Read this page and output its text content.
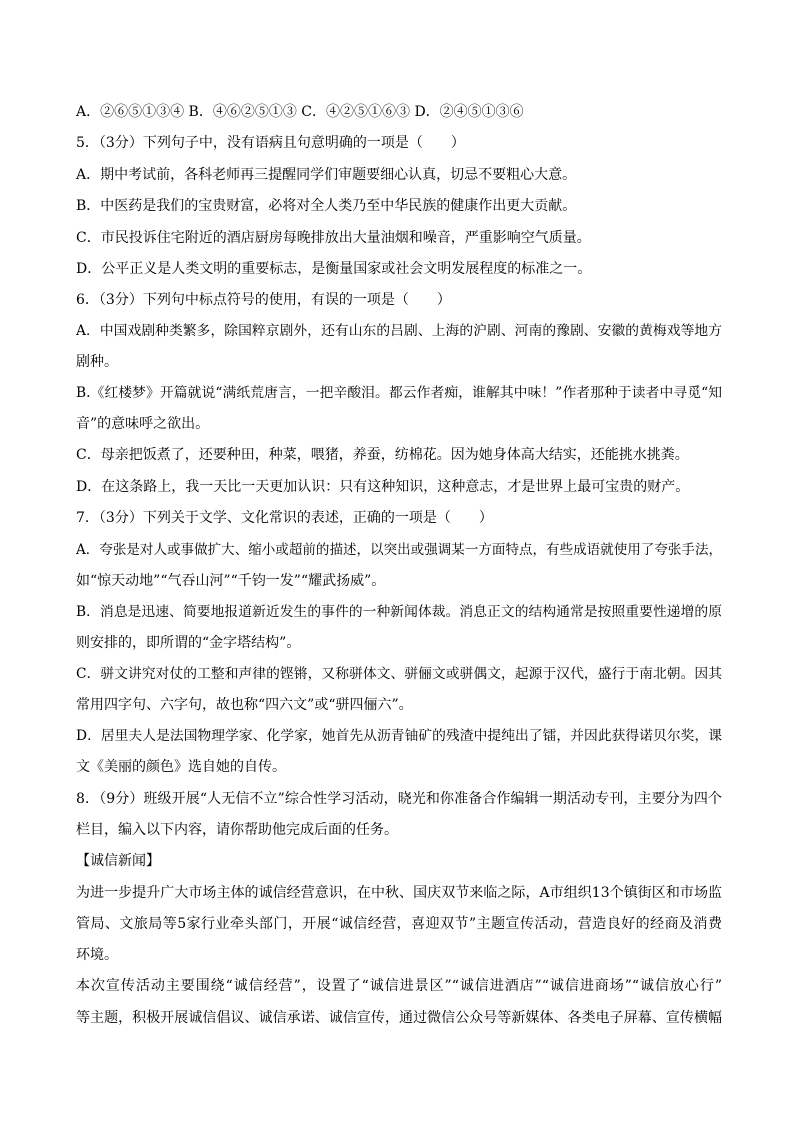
A．②⑥⑤①③④ B．④⑥②⑤①③ C．④②⑤①⑥③ D．②④⑤①③⑥
5．（3分）下列句子中，没有语病且句意明确的一项是（　　）
A．期中考试前，各科老师再三提醒同学们审题要细心认真，切忌不要粗心大意。
B．中医药是我们的宝贵财富，必将对全人类乃至中华民族的健康作出更大贡献。
C．市民投诉住宅附近的酒店厨房每晚排放出大量油烟和噪音，严重影响空气质量。
D．公平正义是人类文明的重要标志，是衡量国家或社会文明发展程度的标准之一。
6．（3分）下列句中标点符号的使用，有误的一项是（　　）
A．中国戏剧种类繁多，除国粹京剧外，还有山东的吕剧、上海的沪剧、河南的豫剧、安徽的黄梅戏等地方
剧种。
B.《红楼梦》开篇就说“满纸荒唐言，一把辛酸泪。都云作者痴，谁解其中味！”作者那种于读者中寻觅“知
音”的意味呼之欲出。
C．母亲把饭煮了，还要种田，种菜，喂猪，养蚕，纺棉花。因为她身体高大结实，还能挑水挑粪。
D．在这条路上，我一天比一天更加认识：只有这种知识，这种意志，才是世界上最可宝贵的财产。
7．（3分）下列关于文学、文化常识的表述，正确的一项是（　　）
A．夸张是对人或事做扩大、缩小或超前的描述，以突出或强调某一方面特点，有些成语就使用了夸张手法，
如“惊天动地”“气吞山河”“千钧一发”“耀武扬威”。
B．消息是迅速、简要地报道新近发生的事件的一种新闻体裁。消息正文的结构通常是按照重要性递增的原
则安排的，即所谓的“金字塔结构”。
C．骈文讲究对仗的工整和声律的铿锵，又称骈体文、骈俪文或骈偶文，起源于汉代，盛行于南北朝。因其
常用四字句、六字句，故也称“四六文”或“骈四俪六”。
D．居里夫人是法国物理学家、化学家，她首先从沥青铀矿的残渣中提纯出了镭，并因此获得诺贝尔奖，课
文《美丽的颜色》选自她的自传。
8．（9分）班级开展“人无信不立”综合性学习活动，晓光和你准备合作编辑一期活动专刊，主要分为四个
栏目，编入以下内容，请你帮助他完成后面的任务。
【诚信新闻】
为进一步提升广大市场主体的诚信经营意识，在中秋、国庆双节来临之际，A市组织13个镇街区和市场监
管局、文旅局等5家行业牵头部门，开展“诚信经营，喜迎双节”主题宣传活动，营造良好的经商及消费
环境。
本次宣传活动主要围绕“诚信经营”，设置了“诚信进景区”“诚信进酒店”“诚信进商场”“诚信放心行”
等主题，积极开展诚信倡议、诚信承诺、诚信宣传，通过微信公众号等新媒体、各类电子屏幕、宣传横幅
